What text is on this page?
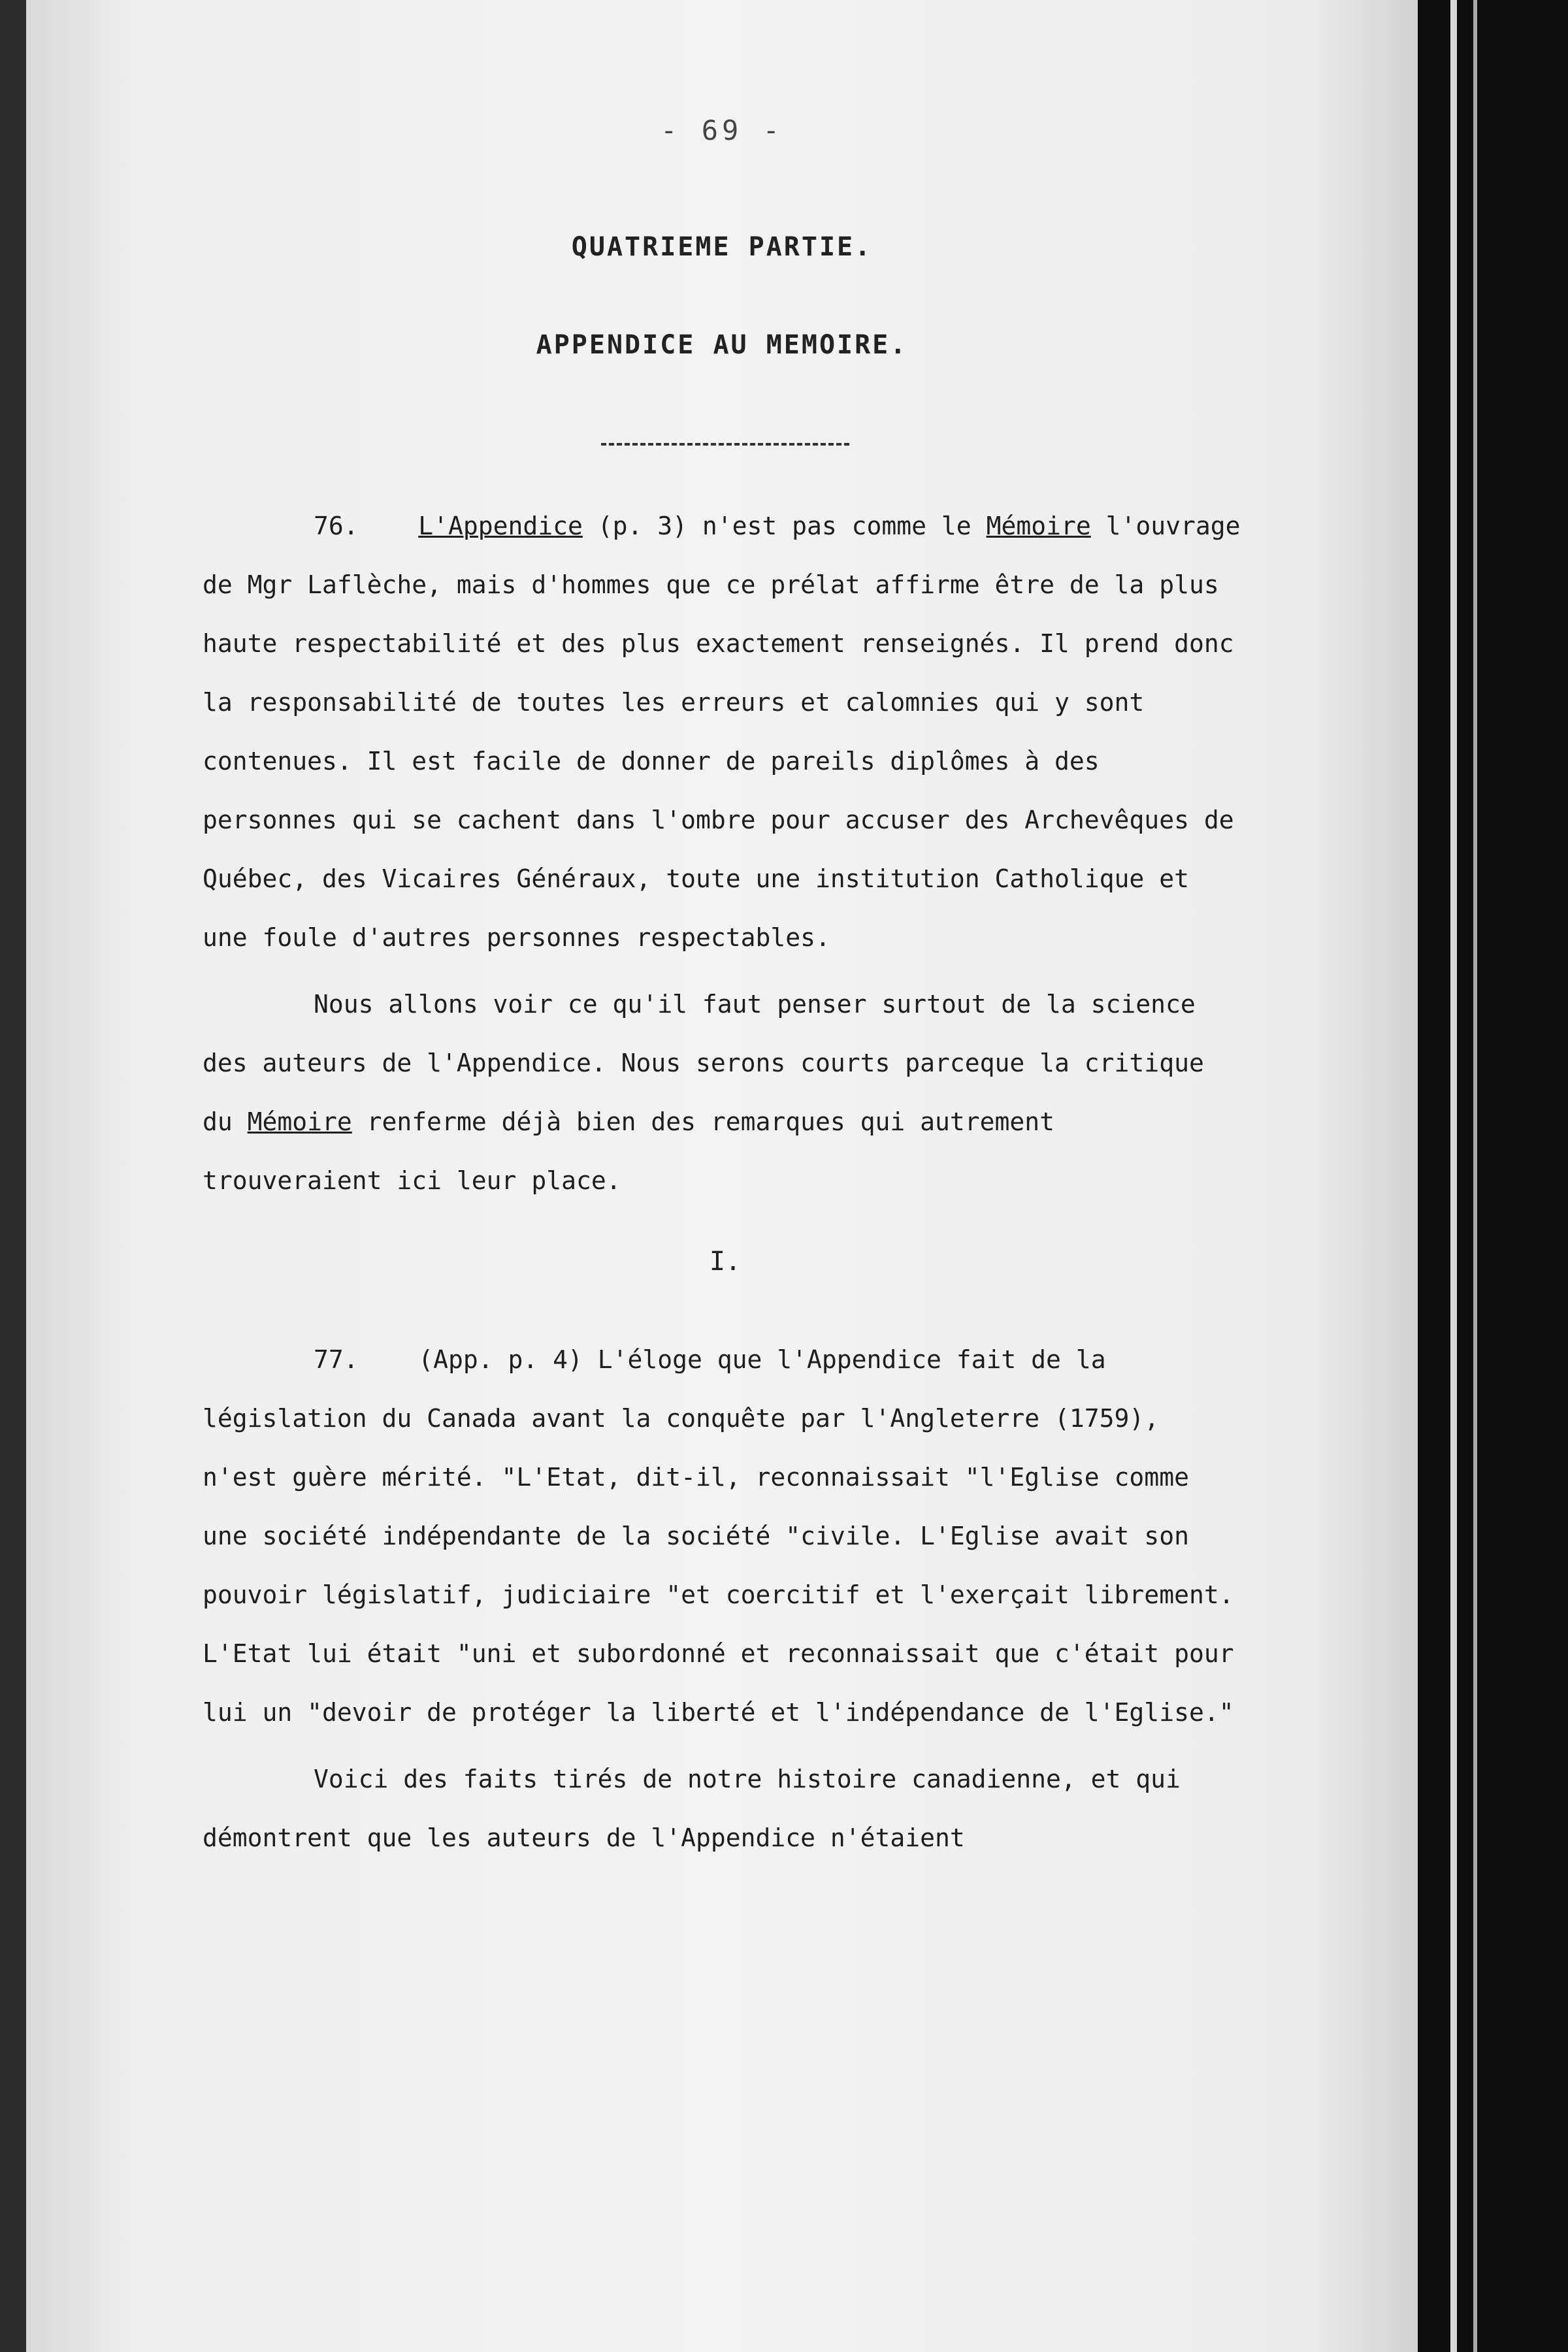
- 69 -
QUATRIEME PARTIE.
APPENDICE AU MEMOIRE.

76. L'Appendice (p. 3) n'est pas comme le Mémoire l'ouvrage de Mgr Laflèche, mais d'hommes que ce prélat affirme être de la plus haute respectabilité et des plus exactement renseignés. Il prend donc la responsabilité de toutes les erreurs et calomnies qui y sont contenues. Il est facile de donner de pareils diplômes à des personnes qui se cachent dans l'ombre pour accuser des Archevêques de Québec, des Vicaires Généraux, toute une institution Catholique et une foule d'autres personnes respectables.

Nous allons voir ce qu'il faut penser surtout de la science des auteurs de l'Appendice. Nous serons courts parceque la critique du Mémoire renferme déjà bien des remarques qui autrement trouveraient ici leur place.

I.

77. (App. p. 4) L'éloge que l'Appendice fait de la législation du Canada avant la conquête par l'Angleterre (1759), n'est guère mérité. "L'Etat, dit-il, reconnaissait "l'Eglise comme une société indépendante de la société "civile. L'Eglise avait son pouvoir législatif, judiciaire "et coercitif et l'exerçait librement. L'Etat lui était "uni et subordonné et reconnaissait que c'était pour lui un "devoir de protéger la liberté et l'indépendance de l'Eglise."

Voici des faits tirés de notre histoire canadienne, et qui démontrent que les auteurs de l'Appendice n'étaient
